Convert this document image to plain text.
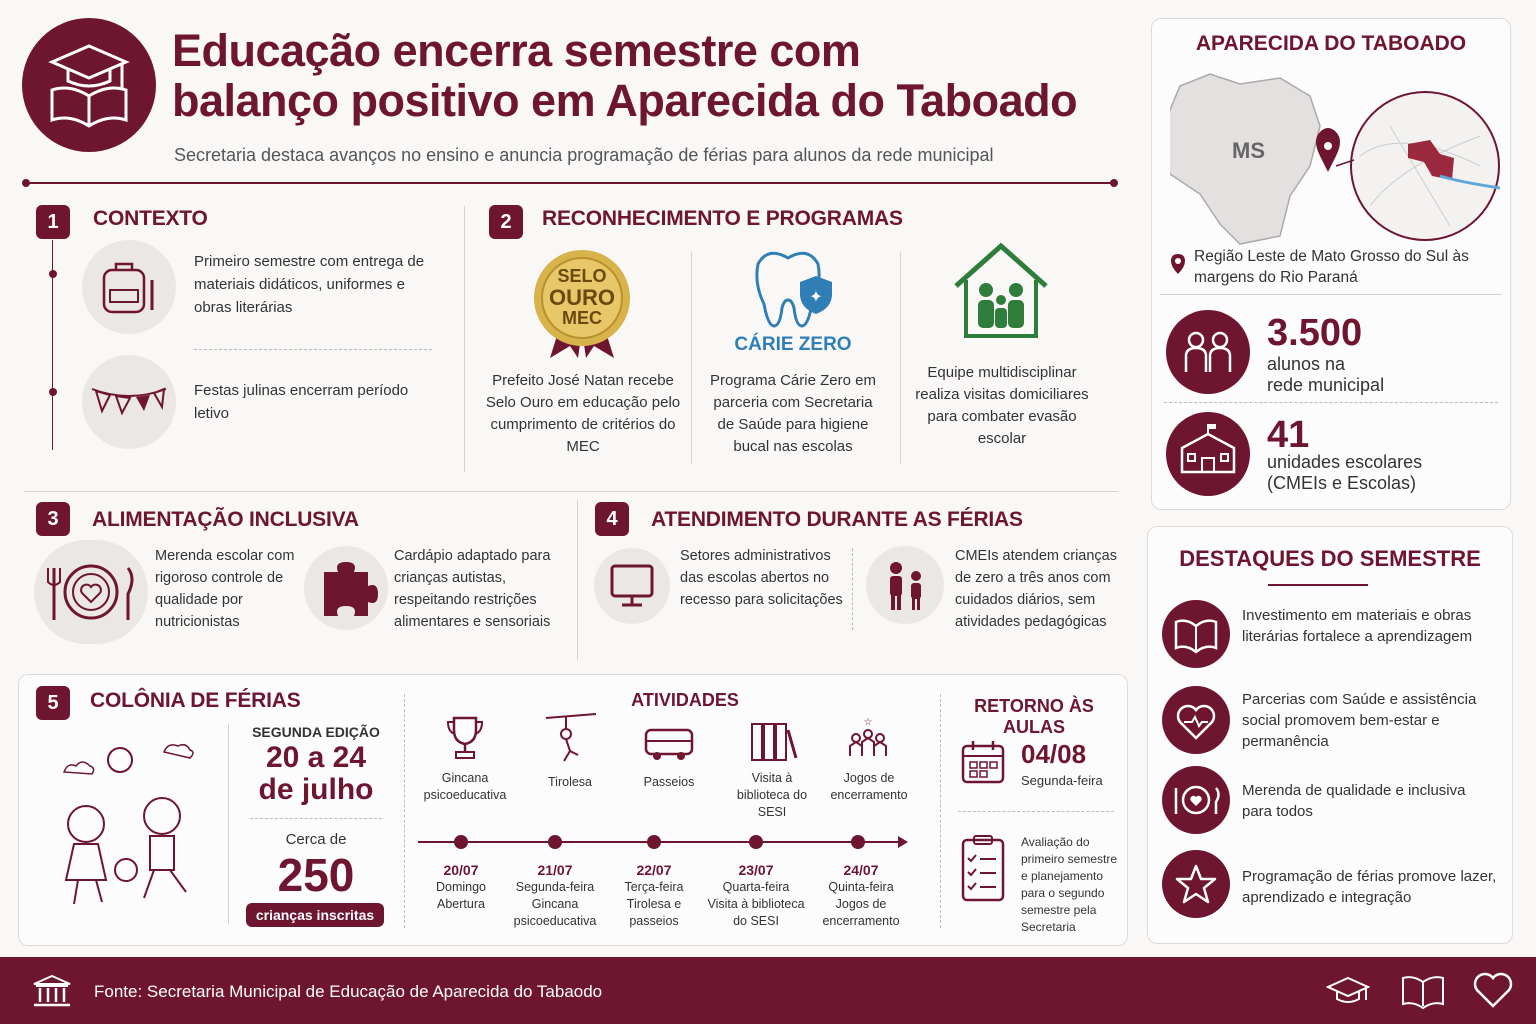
Educação encerra semestre com
balanço positivo em Aparecida do Taboado
Secretaria destaca avanços no ensino e anuncia programação de férias para alunos da rede municipal
1	CONTEXTO
Primeiro semestre com entrega de materiais didáticos, uniformes e obras literárias
Festas julinas encerram período letivo
2	RECONHECIMENTO E PROGRAMAS
SELO
OURO
MEC
Prefeito José Natan recebe Selo Ouro em educação pelo cumprimento de critérios do MEC
✦
CÁRIE ZERO
Programa Cárie Zero em parceria com Secretaria de Saúde para higiene bucal nas escolas
Equipe multidisciplinar realiza visitas domiciliares para combater evasão escolar
3	ALIMENTAÇÃO INCLUSIVA
Merenda escolar com rigoroso controle de qualidade por nutricionistas
Cardápio adaptado para crianças autistas, respeitando restrições alimentares e sensoriais
4	ATENDIMENTO DURANTE AS FÉRIAS
Setores administrativos das escolas abertos no recesso para solicitações
CMEIs atendem crianças de zero a três anos com cuidados diários, sem atividades pedagógicas
5	COLÔNIA DE FÉRIAS
SEGUNDA EDIÇÃO
20 a 24
de julho
Cerca de
250
crianças inscritas
ATIVIDADES
☆
Gincana psicoeducativa
Tirolesa	Passeios	Visita à biblioteca do SESI
Jogos de encerramento
20/07
Domingo
Abertura
21/07
Segunda-feira
Gincana psicoeducativa
22/07
Terça-feira
Tirolesa e passeios
23/07
Quarta-feira
Visita à biblioteca do SESI
24/07
Quinta-feira
Jogos de encerramento
RETORNO ÀS AULAS
04/08
Segunda-feira
Avaliação do primeiro semestre e planejamento para o segundo semestre pela Secretaria
APARECIDA DO TABOADO
MS
Região Leste de Mato Grosso do Sul às margens do Rio Paraná
3.500
alunos na
rede municipal
41
unidades escolares
(CMEIs e Escolas)
DESTAQUES DO SEMESTRE
Investimento em materiais e obras literárias fortalece a aprendizagem
Parcerias com Saúde e assistência social promovem bem-estar e permanência
Merenda de qualidade e inclusiva para todos
Programação de férias promove lazer, aprendizado e integração
Fonte: Secretaria Municipal de Educação de Aparecida do Tabaodo
